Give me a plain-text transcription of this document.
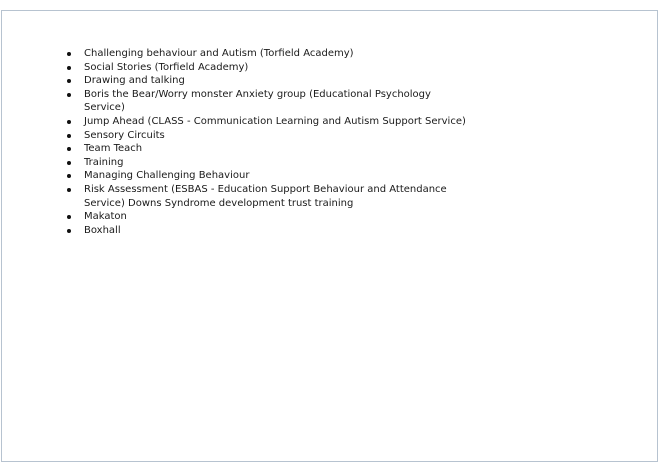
Challenging behaviour and Autism (Torfield Academy)
Social Stories (Torfield Academy)
Drawing and talking
Boris the Bear/Worry monster Anxiety group (Educational Psychology
Service)
Jump Ahead (CLASS - Communication Learning and Autism Support Service)
Sensory Circuits
Team Teach
Training
Managing Challenging Behaviour
Risk Assessment (ESBAS - Education Support Behaviour and Attendance
Service) Downs Syndrome development trust training
Makaton
Boxhall
